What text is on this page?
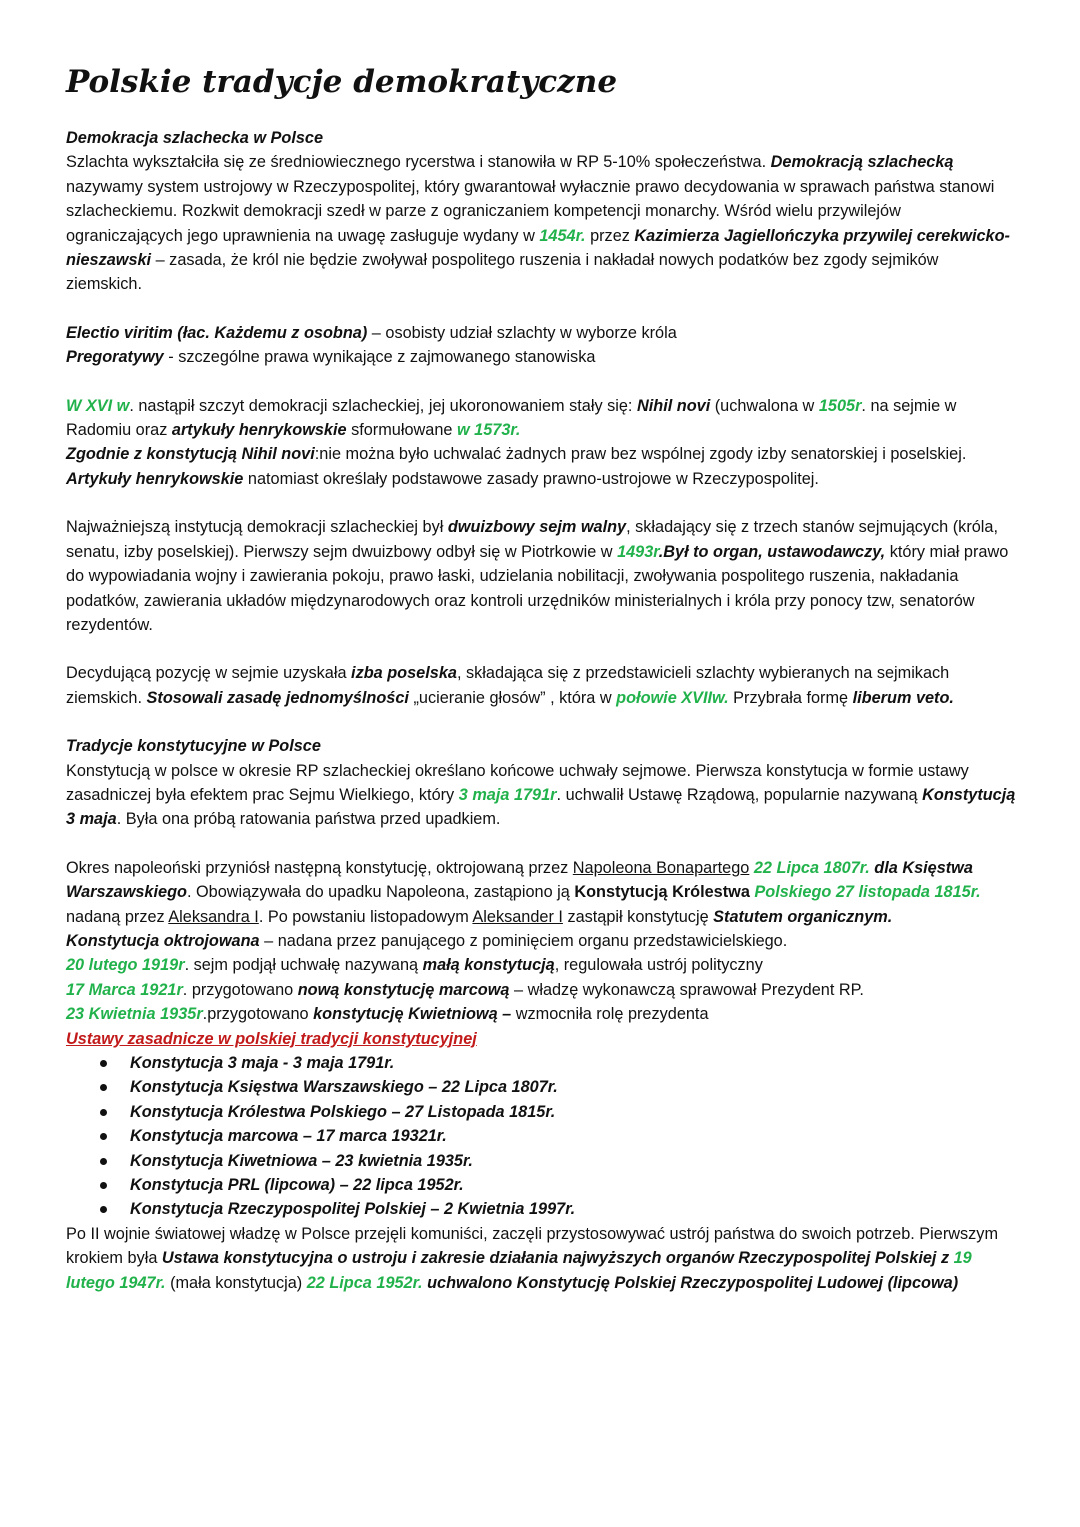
Polskie tradycje demokratyczne

Demokracja szlachecka w Polsce

Szlachta wykształciła się ze średniowiecznego rycerstwa i stanowiła w RP 5-10% społeczeństwa. Demokracją szlachecką nazywamy system ustrojowy w Rzeczypospolitej, który gwarantował wyłacznie prawo decydowania w sprawach państwa stanowi szlacheckiemu. Rozkwit demokracji szedł w parze z ograniczaniem kompetencji monarchy. Wśród wielu przywilejów ograniczających jego uprawnienia na uwagę zasługuje wydany w 1454r. przez Kazimierza Jagiellończyka przywilej cerekwicko-nieszawski – zasada, że król nie będzie zwoływał pospolitego ruszenia i nakładał nowych podatków bez zgody sejmików ziemskich.

Electio viritim (łac. Każdemu z osobna) – osobisty udział szlachty w wyborze króla

Pregoratywy - szczególne prawa wynikające z zajmowanego stanowiska

W XVI w. nastąpił szczyt demokracji szlacheckiej, jej ukoronowaniem stały się: Nihil novi (uchwalona w 1505r. na sejmie w Radomiu oraz artykuły henrykowskie sformułowane w 1573r.

Zgodnie z konstytucją Nihil novi:nie można było uchwalać żadnych praw bez wspólnej zgody izby senatorskiej i poselskiej.

Artykuły henrykowskie natomiast określały podstawowe zasady prawno-ustrojowe w Rzeczypospolitej.

Najważniejszą instytucją demokracji szlacheckiej był dwuizbowy sejm walny, składający się z trzech stanów sejmujących (króla, senatu, izby poselskiej). Pierwszy sejm dwuizbowy odbył się w Piotrkowie w 1493r.Był to organ, ustawodawczy, który miał prawo do wypowiadania wojny i zawierania pokoju, prawo łaski, udzielania nobilitacji, zwoływania pospolitego ruszenia, nakładania podatków, zawierania układów międzynarodowych oraz kontroli urzędników ministerialnych i króla przy ponocy tzw, senatorów rezydentów.

Decydującą pozycję w sejmie uzyskała izba poselska, składająca się z przedstawicieli szlachty wybieranych na sejmikach ziemskich. Stosowali zasadę jednomyślności „ucieranie głosów” , która w połowie XVIIw. Przybrała formę liberum veto.

Tradycje konstytucyjne w Polsce

Konstytucją w polsce w okresie RP szlacheckiej określano końcowe uchwały sejmowe. Pierwsza konstytucja w formie ustawy zasadniczej była efektem prac Sejmu Wielkiego, który 3 maja 1791r. uchwalił Ustawę Rządową, popularnie nazywaną Konstytucją 3 maja. Była ona próbą ratowania państwa przed upadkiem.

Okres napoleoński przyniósł następną konstytucję, oktrojowaną przez Napoleona Bonapartego 22 Lipca 1807r. dla Księstwa Warszawskiego. Obowiązywała do upadku Napoleona, zastąpiono ją Konstytucją Królestwa Polskiego 27 listopada 1815r. nadaną przez Aleksandra I. Po powstaniu listopadowym Aleksander I zastąpił konstytucję Statutem organicznym.

Konstytucja oktrojowana – nadana przez panującego z pominięciem organu przedstawicielskiego.

20 lutego 1919r. sejm podjął uchwałę nazywaną małą konstytucją, regulowała ustrój polityczny

17 Marca 1921r. przygotowano nową konstytucję marcową – władzę wykonawczą sprawował Prezydent RP.

23 Kwietnia 1935r.przygotowano konstytucję Kwietniową – wzmocniła rolę prezydenta

Ustawy zasadnicze w polskiej tradycji konstytucyjnej

Konstytucja 3 maja - 3 maja 1791r.
Konstytucja Księstwa Warszawskiego – 22 Lipca 1807r.
Konstytucja Królestwa Polskiego – 27 Listopada 1815r.
Konstytucja marcowa – 17 marca 19321r.
Konstytucja Kiwetniowa – 23 kwietnia 1935r.
Konstytucja PRL (lipcowa) – 22 lipca 1952r.
Konstytucja Rzeczypospolitej Polskiej – 2 Kwietnia 1997r.

Po II wojnie światowej władzę w Polsce przejęli komuniści, zaczęli przystosowywać ustrój państwa do swoich potrzeb. Pierwszym krokiem była Ustawa konstytucyjna o ustroju i zakresie działania najwyższych organów Rzeczypospolitej Polskiej z 19 lutego 1947r. (mała konstytucja) 22 Lipca 1952r. uchwalono Konstytucję Polskiej Rzeczypospolitej Ludowej (lipcowa)
